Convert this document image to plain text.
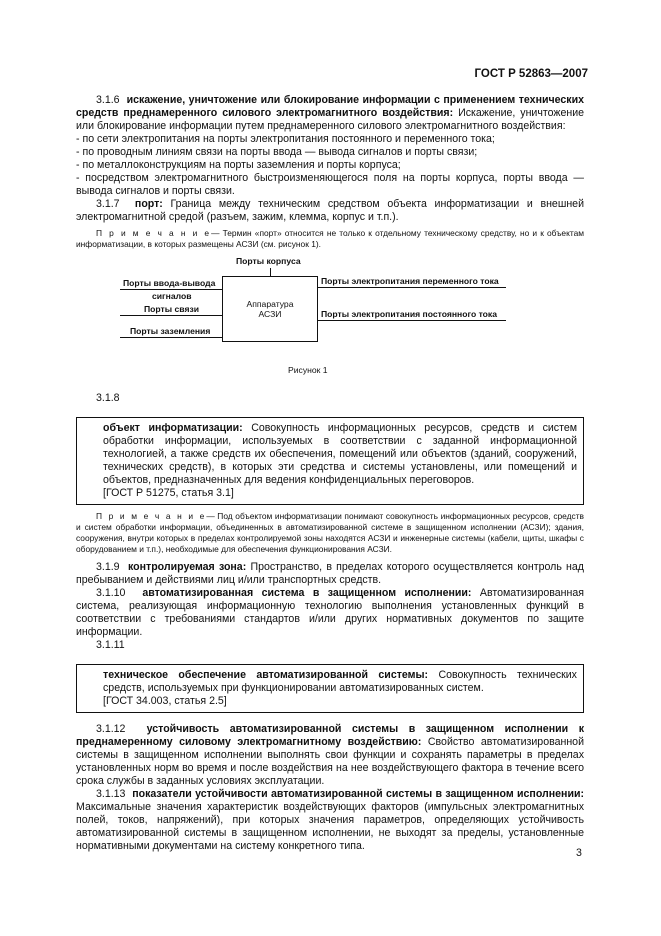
ГОСТ Р 52863—2007

3.1.6 искажение, уничтожение или блокирование информации с применением технических средств преднамеренного силового электромагнитного воздействия: Искажение, уничтожение или блокирование информации путем преднамеренного силового электромагнитного воздействия:

- по сети электропитания на порты электропитания постоянного и переменного тока;

- по проводным линиям связи на порты ввода — вывода сигналов и порты связи;

- по металлоконструкциям на порты заземления и порты корпуса;

- посредством электромагнитного быстроизменяющегося поля на порты корпуса, порты ввода — вывода сигналов и порты связи.

3.1.7 порт: Граница между техническим средством объекта информатизации и внешней электромагнитной средой (разъем, зажим, клемма, корпус и т.п.).

П р и м е ч а н и е— Термин «порт» относится не только к отдельному техническому средству, но и к объектам информатизации, в которых размещены АСЗИ (см. рисунок 1).

Порты корпуса
Аппаратура
АСЗИ
Порты ввода-вывода
сигналов
Порты связи
Порты заземления
Порты электропитания переменного тока
Порты электропитания постоянного тока
Рисунок 1

3.1.8

объект информатизации: Совокупность информационных ресурсов, средств и систем обработки информации, используемых в соответствии с заданной информационной технологией, а также средств их обеспечения, помещений или объектов (зданий, сооружений, технических средств), в которых эти средства и системы установлены, или помещений и объектов, предназначенных для ведения конфиденциальных переговоров.

[ГОСТ Р 51275, статья 3.1]

П р и м е ч а н и е— Под объектом информатизации понимают совокупность информационных ресурсов, средств и систем обработки информации, объединенных в автоматизированной системе в защищенном исполнении (АСЗИ); здания, сооружения, внутри которых в пределах контролируемой зоны находятся АСЗИ и инженерные системы (кабели, щиты, шкафы с оборудованием и т.п.), необходимые для обеспечения функционирования АСЗИ.

3.1.9 контролируемая зона: Пространство, в пределах которого осуществляется контроль над пребыванием и действиями лиц и/или транспортных средств.

3.1.10 автоматизированная система в защищенном исполнении: Автоматизированная система, реализующая информационную технологию выполнения установленных функций в соответствии с требованиями стандартов и/или других нормативных документов по защите информации.

3.1.11

техническое обеспечение автоматизированной системы: Совокупность технических средств, используемых при функционировании автоматизированных систем.

[ГОСТ 34.003, статья 2.5]

3.1.12 устойчивость автоматизированной системы в защищенном исполнении к преднамеренному силовому электромагнитному воздействию: Свойство автоматизированной системы в защищенном исполнении выполнять свои функции и сохранять параметры в пределах установленных норм во время и после воздействия на нее воздействующего фактора в течение всего срока службы в заданных условиях эксплуатации.

3.1.13 показатели устойчивости автоматизированной системы в защищенном исполнении: Максимальные значения характеристик воздействующих факторов (импульсных электромагнитных полей, токов, напряжений), при которых значения параметров, определяющих устойчивость автоматизированной системы в защищенном исполнении, не выходят за пределы, установленные нормативными документами на систему конкретного типа.

3
